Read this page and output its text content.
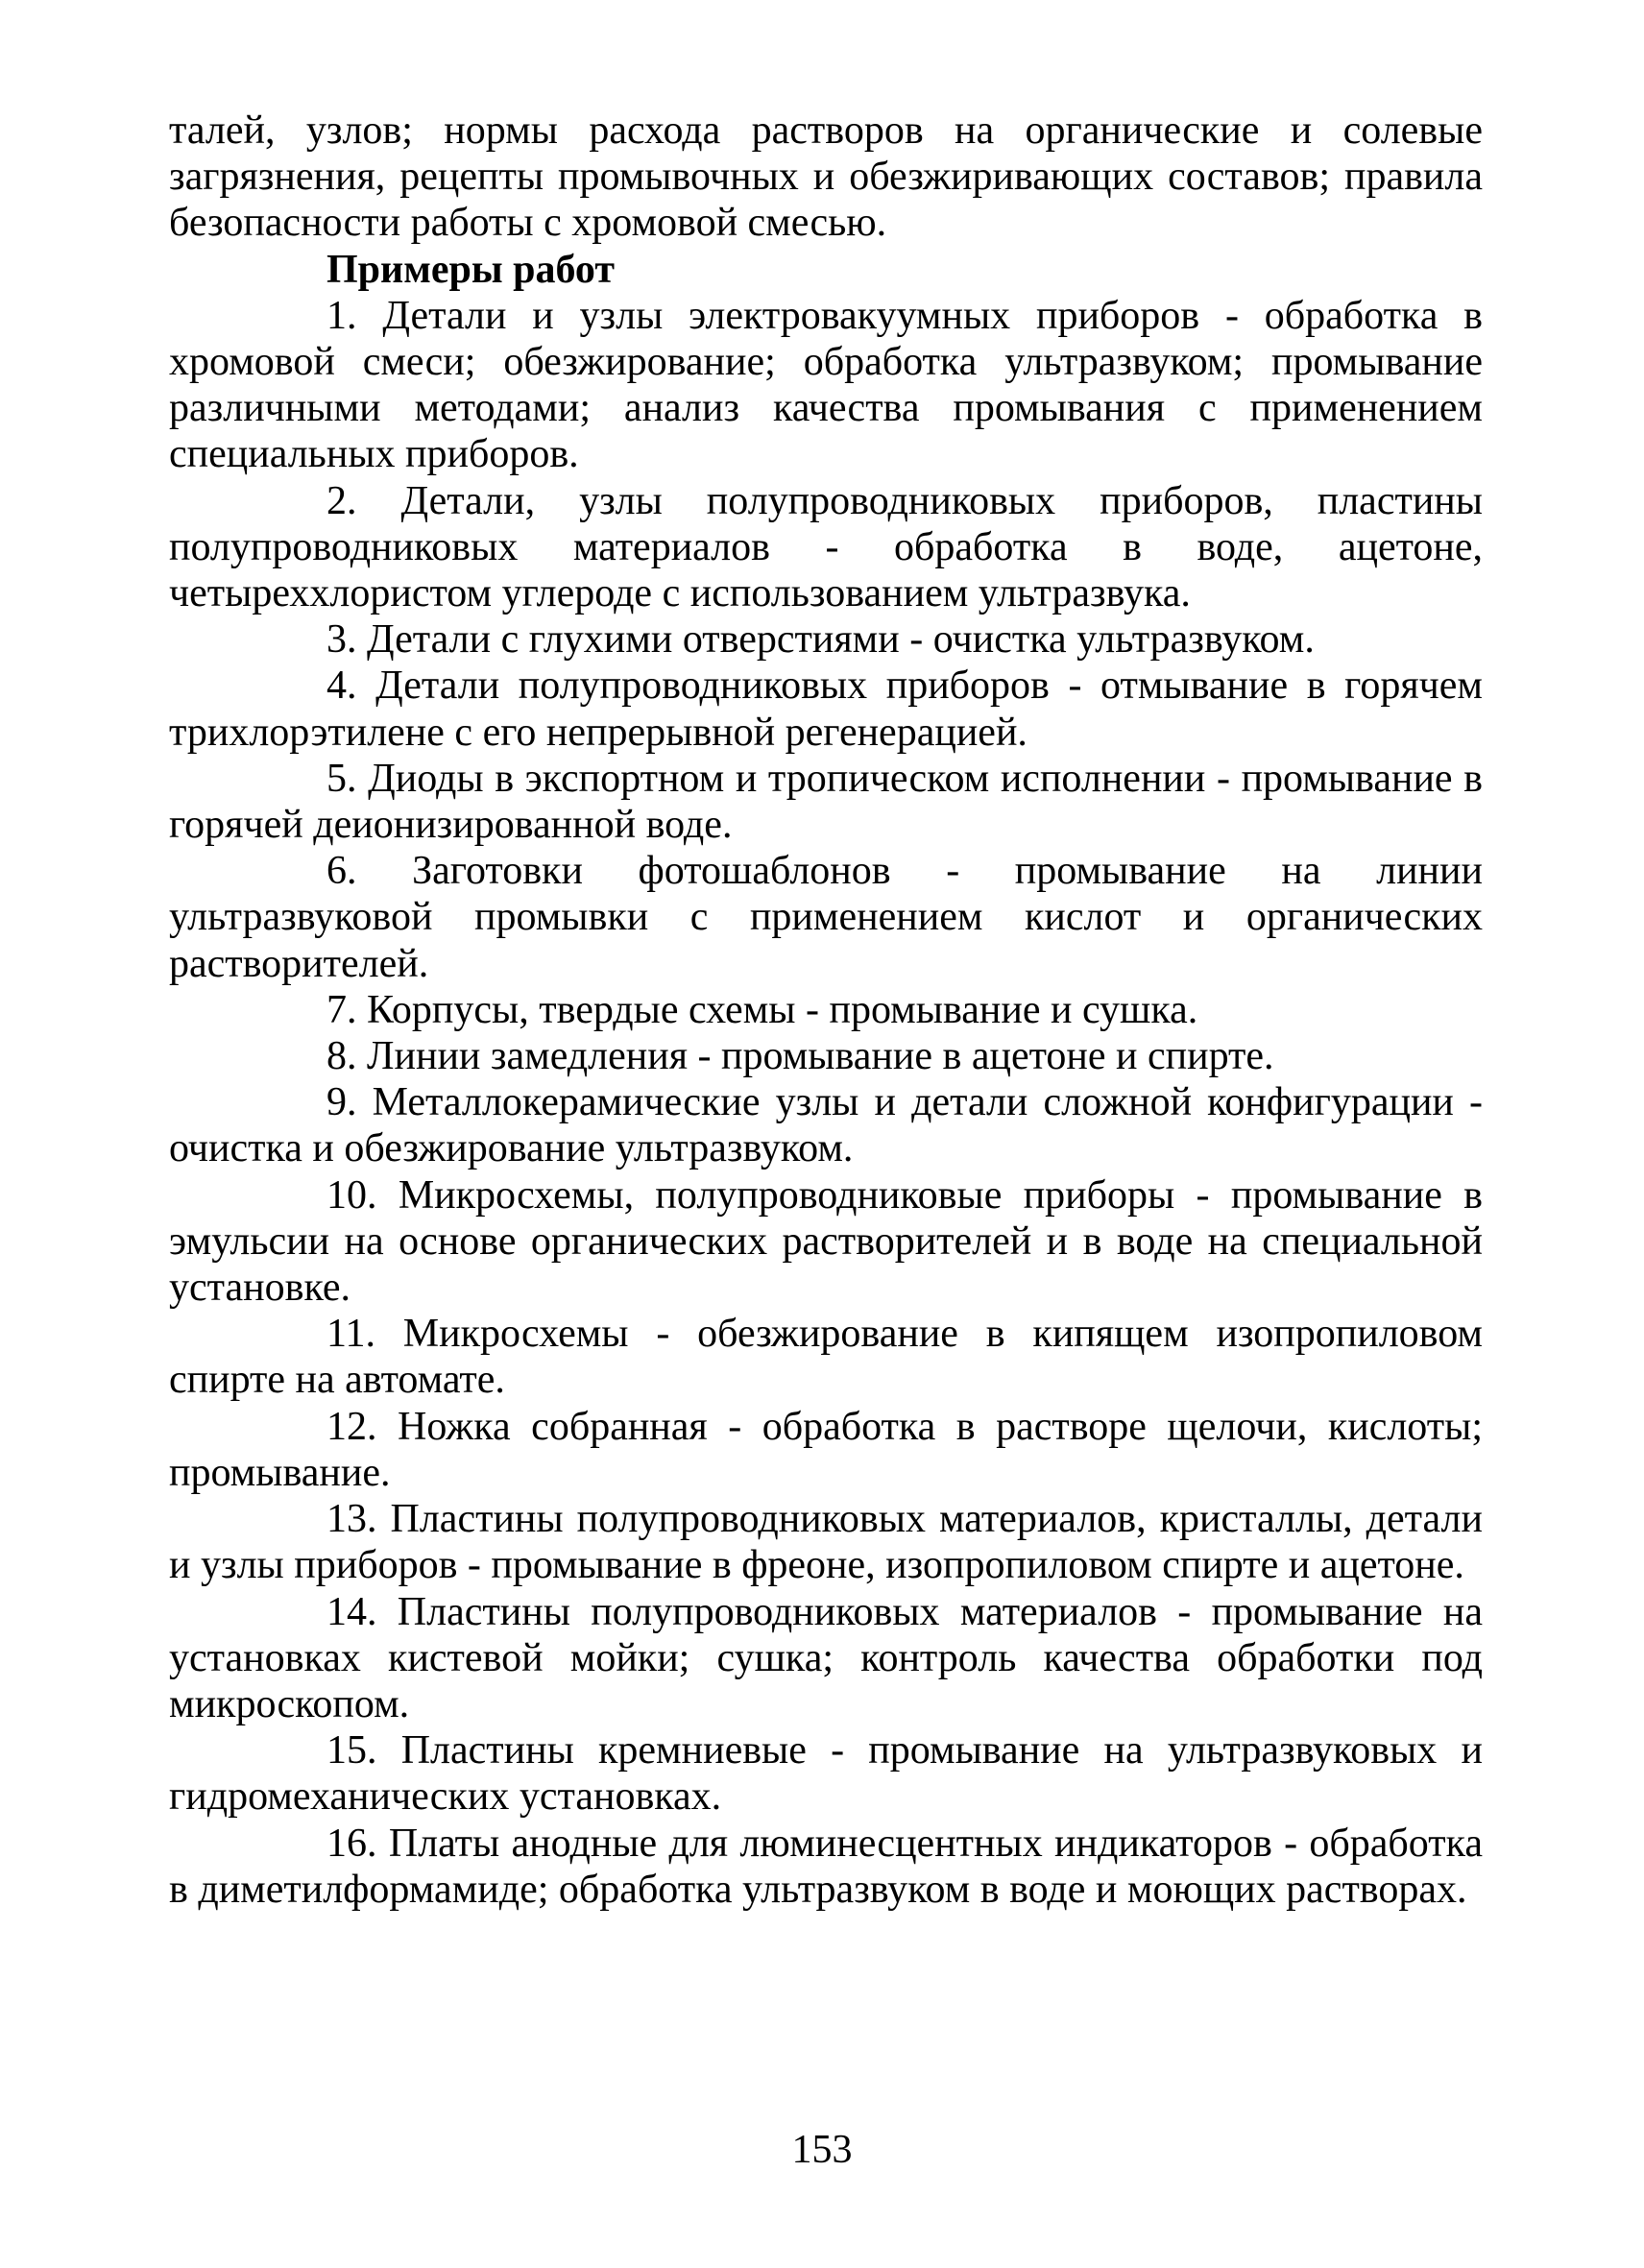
талей, узлов; нормы расхода растворов на органические и солевые загрязнения, рецепты промывочных и обезжиривающих составов; правила безопасности работы с хромовой смесью.

Примеры работ

1. Детали и узлы электровакуумных приборов - обработка в хромовой смеси; обезжирование; обработка ультразвуком; промывание различными методами; анализ качества промывания с применением специальных приборов.

2. Детали, узлы полупроводниковых приборов, пластины полупроводниковых материалов - обработка в воде, ацетоне, четыреххлористом углероде с использованием ультразвука.

3. Детали с глухими отверстиями - очистка ультразвуком.

4. Детали полупроводниковых приборов - отмывание в горячем трихлорэтилене с его непрерывной регенерацией.

5. Диоды в экспортном и тропическом исполнении - промывание в горячей деионизированной воде.

6. Заготовки фотошаблонов - промывание на линии ультразвуковой промывки с применением кислот и органических растворителей.

7. Корпусы, твердые схемы - промывание и сушка.

8. Линии замедления - промывание в ацетоне и спирте.

9. Металлокерамические узлы и детали сложной конфигурации - очистка и обезжирование ультразвуком.

10. Микросхемы, полупроводниковые приборы - промывание в эмульсии на основе органических растворителей и в воде на специальной установке.

11. Микросхемы - обезжирование в кипящем изопропиловом спирте на автомате.

12. Ножка собранная - обработка в растворе щелочи, кислоты; промывание.

13. Пластины полупроводниковых материалов, кристаллы, детали и узлы приборов - промывание в фреоне, изопропиловом спирте и ацетоне.

14. Пластины полупроводниковых материалов - промывание на установках кистевой мойки; сушка; контроль качества обработки под микроскопом.

15. Пластины кремниевые - промывание на ультразвуковых и гидромеханических установках.

16. Платы анодные для люминесцентных индикаторов - обработка в диметилформамиде; обработка ультразвуком в воде и моющих растворах.

153
